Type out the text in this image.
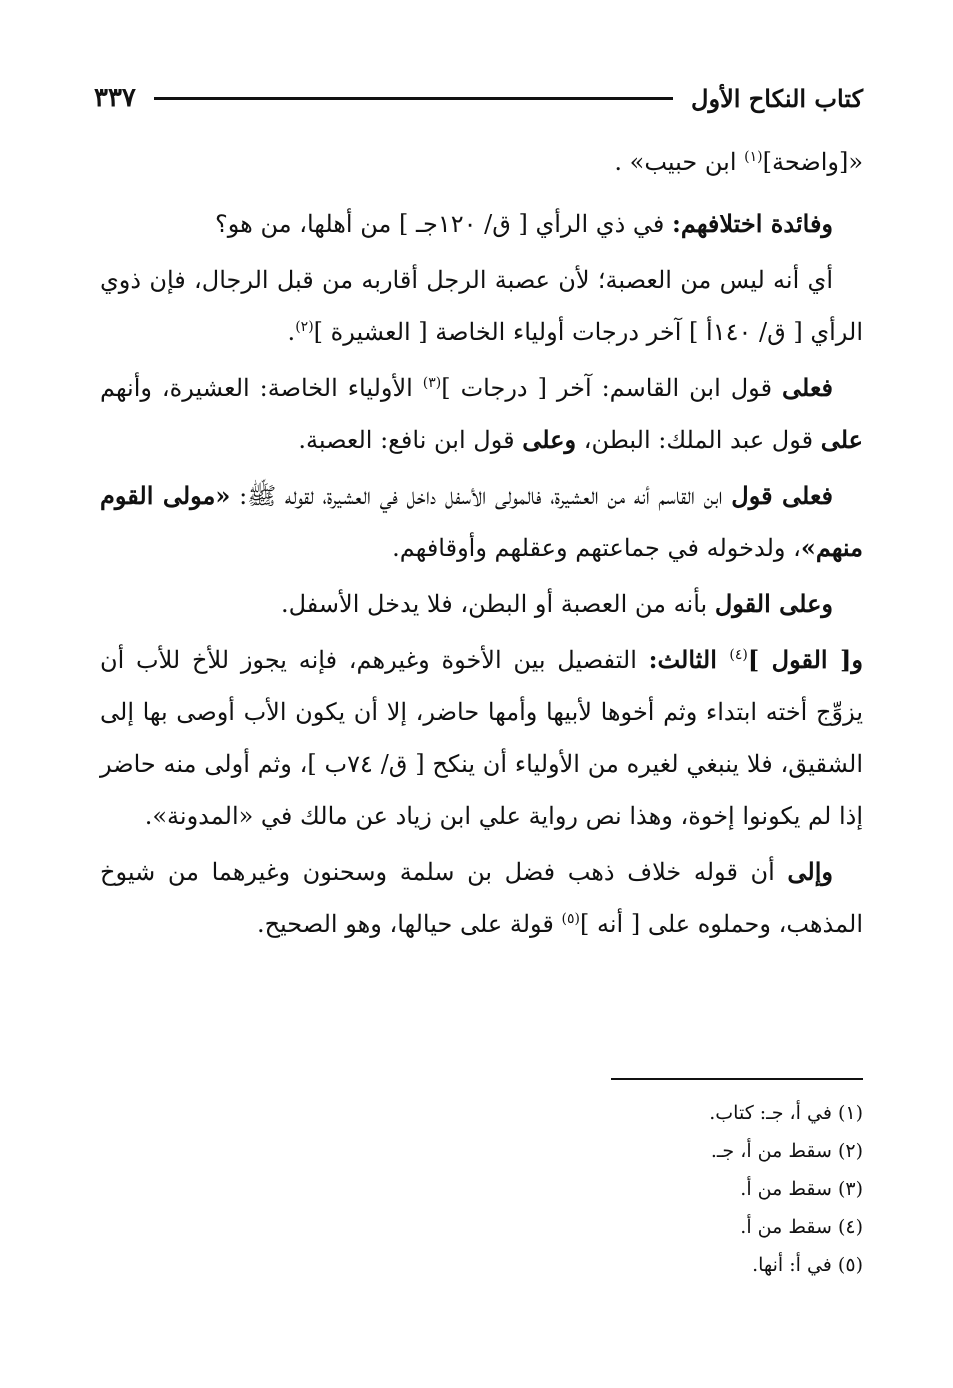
كتاب النكاح الأول
٣٣٧

«[واضحة]$^{(١)}$ ابن حبيب» .

وفائدة اختلافهم: في ذي الرأي [ ق/ ١٢٠جـ ] من أهلها، من هو؟

أي أنه ليس من العصبة؛ لأن عصبة الرجل أقاربه من قبل الرجال، فإن ذوي الرأي [ ق/ ١٤٠أ ] آخر درجات أولياء الخاصة [ العشيرة ]$^{(٢)}$.

فعلى قول ابن القاسم: آخر [ درجات ]$^{(٣)}$ الأولياء الخاصة: العشيرة، وأنهم على قول عبد الملك: البطن، وعلى قول ابن نافع: العصبة.

فعلى قول ابن القاسم أنه من العشيرة، فالمولى الأسفل داخل في العشيرة، لقوله ﷺ: «مولى القوم منهم»، ولدخوله في جماعتهم وعقلهم وأوقافهم.

وعلى القول بأنه من العصبة أو البطن، فلا يدخل الأسفل.

و[ القول ]$^{(٤)}$ الثالث: التفصيل بين الأخوة وغيرهم، فإنه يجوز للأخ للأب أن يزوِّج أخته ابتداء وثم أخوها لأبيها وأمها حاضر، إلا أن يكون الأب أوصى بها إلى الشقيق، فلا ينبغي لغيره من الأولياء أن ينكح [ ق/ ٧٤ب ]، وثم أولى منه حاضر إذا لم يكونوا إخوة، وهذا نص رواية علي ابن زياد عن مالك في «المدونة».

وإلى أن قوله خلاف ذهب فضل بن سلمة وسحنون وغيرهما من شيوخ المذهب، وحملوه على [ أنه ]$^{(٥)}$ قولة على حيالها، وهو الصحيح.

(١) في أ، جـ: كتاب.
(٢) سقط من أ، جـ.
(٣) سقط من أ.
(٤) سقط من أ.
(٥) في أ: أنها.
